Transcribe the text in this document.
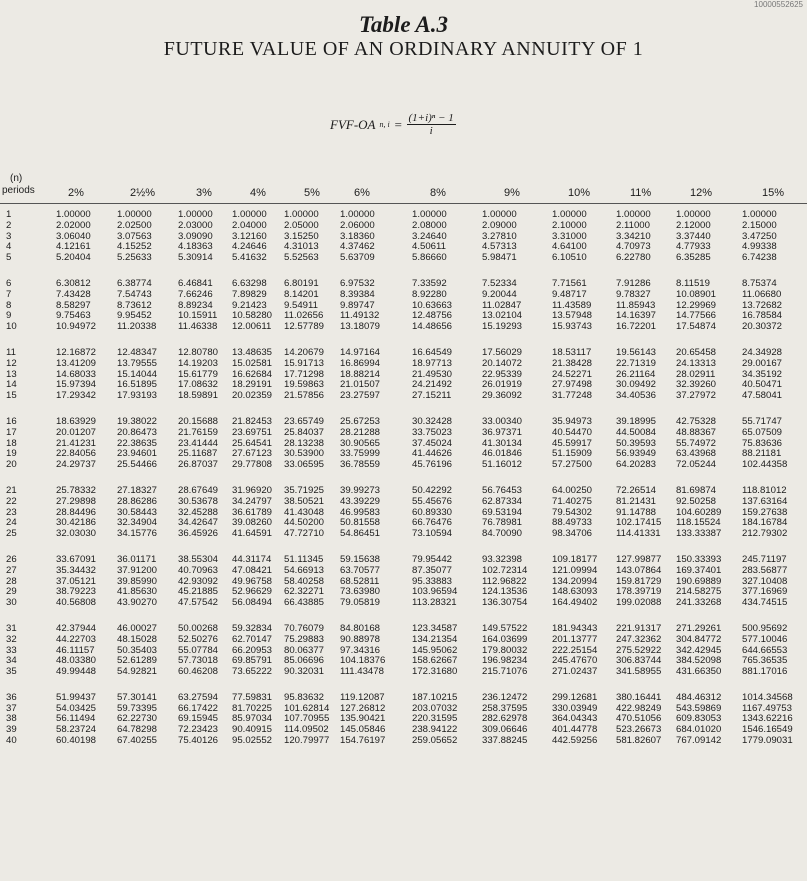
10000552625
Table A.3
FUTURE VALUE OF AN ORDINARY ANNUITY OF 1
FVF-OA n, $i = \frac{\text{(1+i)ⁿ − 1}}{i}$
(n)
periods	2%	2½%	3%	4%	5%	6%	8%	9%	10%	11%	12%	15%
1	1.00000	1.00000	1.00000 1.00000 1.00000 1.00000	1.00000	1.00000	1.00000	1.00000	1.00000	1.00000
2	2.02000	2.02500	2.03000 2.04000 2.05000 2.06000	2.08000	2.09000	2.10000	2.11000	2.12000	2.15000
3	3.06040	3.07563	3.09090 3.12160 3.15250 3.18360	3.24640	3.27810	3.31000	3.34210	3.37440	3.47250
4	4.12161	4.15252	4.18363 4.24646 4.31013 4.37462	4.50611	4.57313	4.64100	4.70973	4.77933	4.99338
5	5.20404	5.25633	5.30914 5.41632 5.52563 5.63709	5.86660	5.98471	6.10510	6.22780	6.35285	6.74238
6	6.30812	6.38774	6.46841 6.63298 6.80191 6.97532	7.33592	7.52334	7.71561	7.91286	8.11519	8.75374
7	7.43428	7.54743	7.66246 7.89829 8.14201 8.39384	8.92280	9.20044	9.48717	9.78327	10.08901	11.06680
8	8.58297	8.73612	8.89234 9.21423 9.54911 9.89747	10.63663	11.02847	11.43589	11.85943 12.29969	13.72682
9	9.75463	9.95452	10.15911 10.58280 11.02656 11.49132	12.48756	13.02104	13.57948 14.16397 14.77566	16.78584
10	10.94972 11.20338 11.46338 12.00611 12.57789 13.18079	14.48656	15.19293	15.93743 16.72201 17.54874	20.30372
11	12.16872 12.48347 12.80780 13.48635 14.20679 14.97164	16.64549	17.56029	18.53117	19.56143 20.65458	24.34928
12	13.41209 13.79555 14.19203 15.02581 15.91713 16.86994	18.97713	20.14072	21.38428 22.71319 24.13313	29.00167
13	14.68033 15.14044 15.61779 16.62684 17.71298 18.88214	21.49530	22.95339	24.52271 26.21164 28.02911	34.35192
14	15.97394 16.51895 17.08632 18.29191 19.59863 21.01507	24.21492	26.01919	27.97498 30.09492 32.39260	40.50471
15	17.29342 17.93193 18.59891 20.02359 21.57856 23.27597	27.15211	29.36092	31.77248 34.40536 37.27972	47.58041
16	18.63929 19.38022 20.15688 21.82453 23.65749 25.67253	30.32428	33.00340	35.94973 39.18995 42.75328	55.71747
17	20.01207 20.86473 21.76159 23.69751 25.84037 28.21288	33.75023	36.97371	40.54470 44.50084 48.88367	65.07509
18	21.41231 22.38635 23.41444 25.64541 28.13238 30.90565	37.45024	41.30134	45.59917 50.39593 55.74972	75.83636
19	22.84056 23.94601 25.11687 27.67123 30.53900 33.75999	41.44626	46.01846	51.15909 56.93949 63.43968	88.21181
20	24.29737 25.54466 26.87037 29.77808 33.06595 36.78559	45.76196	51.16012	57.27500 64.20283 72.05244	102.44358
21	25.78332 27.18327 28.67649 31.96920 35.71925 39.99273	50.42292	56.76453	64.00250 72.26514 81.69874	118.81012
22	27.29898 28.86286 30.53678 34.24797 38.50521 43.39229	55.45676	62.87334	71.40275 81.21431 92.50258	137.63164
23	28.84496 30.58443 32.45288 36.61789 41.43048 46.99583	60.89330	69.53194	79.54302 91.14788 104.60289 159.27638
24	30.42186 32.34904 34.42647 39.08260 44.50200 50.81558	66.76476	76.78981	88.49733 102.17415 118.15524 184.16784
25	32.03030 34.15776 36.45926 41.64591 47.72710 54.86451	73.10594	84.70090	98.34706 114.41331 133.33387 212.79302
26	33.67091 36.01171 38.55304 44.31174 51.11345 59.15638	79.95442	93.32398	109.18177 127.99877 150.33393 245.71197
27	35.34432 37.91200 40.70963 47.08421 54.66913 63.70577	87.35077	102.72314	121.09994 143.07864 169.37401 283.56877
28	37.05121 39.85990 42.93092 49.96758 58.40258 68.52811	95.33883	112.96822	134.20994 159.81729 190.69889 327.10408
29	38.79223 41.85630 45.21885 52.96629 62.32271 73.63980	103.96594	124.13536	148.63093 178.39719 214.58275 377.16969
30	40.56808 43.90270 47.57542 56.08494 66.43885 79.05819	113.28321	136.30754	164.49402 199.02088 241.33268 434.74515
31	42.37944 46.00027 50.00268 59.32834 70.76079 84.80168	123.34587	149.57522	181.94343 221.91317 271.29261 500.95692
32	44.22703 48.15028 52.50276 62.70147 75.29883 90.88978	134.21354	164.03699	201.13777 247.32362 304.84772 577.10046
33	46.11157 50.35403 55.07784 66.20953 80.06377 97.34316	145.95062	179.80032	222.25154 275.52922 342.42945 644.66553
34	48.03380 52.61289 57.73018 69.85791 85.06696 104.18376	158.62667	196.98234	245.47670 306.83744 384.52098 765.36535
35	49.99448 54.92821 60.46208 73.65222 90.32031 111.43478	172.31680	215.71076	271.02437 341.58955 431.66350 881.17016
36	51.99437 57.30141 63.27594 77.59831 95.83632 119.12087	187.10215	236.12472	299.12681 380.16441 484.46312 1014.34568
37	54.03425 59.73395 66.17422 81.70225 101.62814 127.26812	203.07032	258.37595	330.03949 422.98249 543.59869 1167.49753
38	56.11494 62.22730 69.15945 85.97034 107.70955 135.90421	220.31595	282.62978	364.04343 470.51056 609.83053 1343.62216
39	58.23724 64.78298 72.23423 90.40915 114.09502 145.05846	238.94122	309.06646	401.44778 523.26673 684.01020 1546.16549
40	60.40198 67.40255 75.40126 95.02552 120.79977 154.76197	259.05652	337.88245	442.59256 581.82607 767.09142 1779.09031
